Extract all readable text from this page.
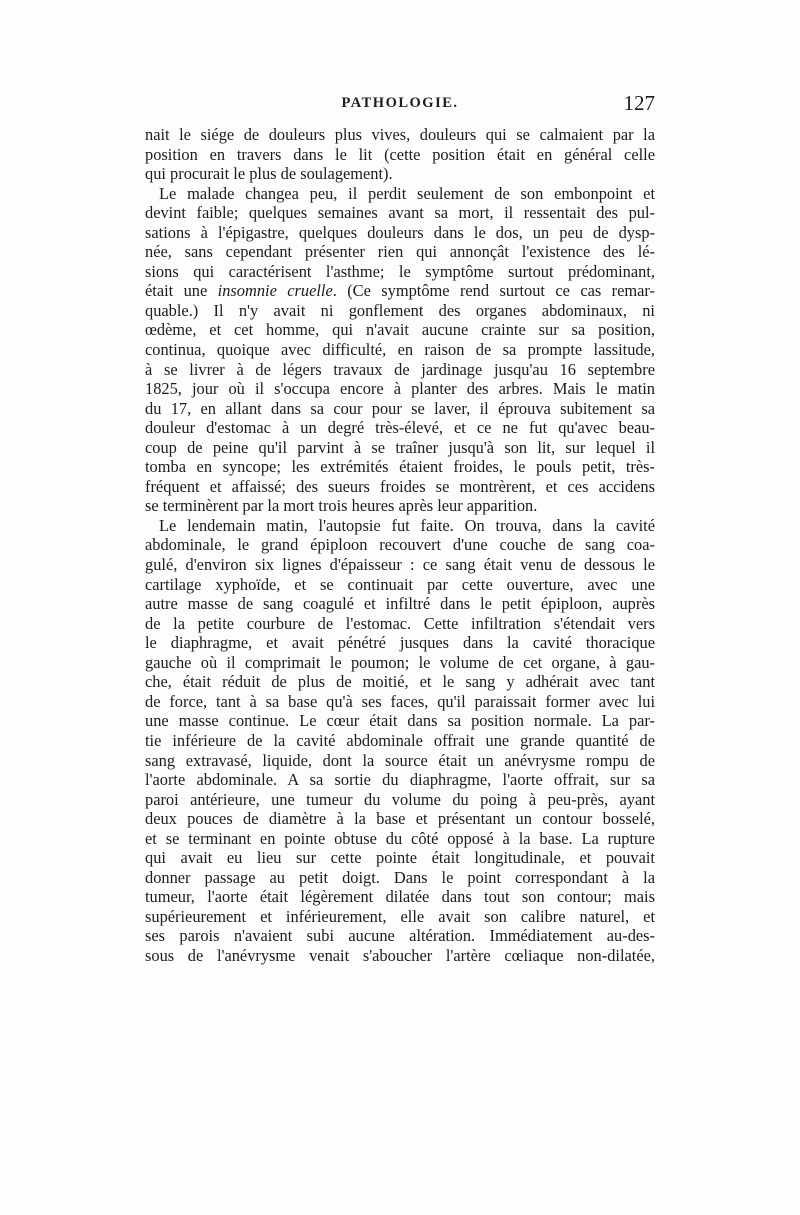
PATHOLOGIE.	127
nait le siége de douleurs plus vives, douleurs qui se calmaient par la
position en travers dans le lit (cette position était en général celle
qui procurait le plus de soulagement).
Le malade changea peu, il perdit seulement de son embonpoint et
devint faible; quelques semaines avant sa mort, il ressentait des pul-
sations à l'épigastre, quelques douleurs dans le dos, un peu de dysp-
née, sans cependant présenter rien qui annonçât l'existence des lé-
sions qui caractérisent l'asthme; le symptôme surtout prédominant,
était une insomnie cruelle. (Ce symptôme rend surtout ce cas remar-
quable.) Il n'y avait ni gonflement des organes abdominaux, ni
œdème, et cet homme, qui n'avait aucune crainte sur sa position,
continua, quoique avec difficulté, en raison de sa prompte lassitude,
à se livrer à de légers travaux de jardinage jusqu'au 16 septembre
1825, jour où il s'occupa encore à planter des arbres. Mais le matin
du 17, en allant dans sa cour pour se laver, il éprouva subitement sa
douleur d'estomac à un degré très-élevé, et ce ne fut qu'avec beau-
coup de peine qu'il parvint à se traîner jusqu'à son lit, sur lequel il
tomba en syncope; les extrémités étaient froides, le pouls petit, très-
fréquent et affaissé; des sueurs froides se montrèrent, et ces accidens
se terminèrent par la mort trois heures après leur apparition.
Le lendemain matin, l'autopsie fut faite. On trouva, dans la cavité
abdominale, le grand épiploon recouvert d'une couche de sang coa-
gulé, d'environ six lignes d'épaisseur : ce sang était venu de dessous le
cartilage xyphoïde, et se continuait par cette ouverture, avec une
autre masse de sang coagulé et infiltré dans le petit épiploon, auprès
de la petite courbure de l'estomac. Cette infiltration s'étendait vers
le diaphragme, et avait pénétré jusques dans la cavité thoracique
gauche où il comprimait le poumon; le volume de cet organe, à gau-
che, était réduit de plus de moitié, et le sang y adhérait avec tant
de force, tant à sa base qu'à ses faces, qu'il paraissait former avec lui
une masse continue. Le cœur était dans sa position normale. La par-
tie inférieure de la cavité abdominale offrait une grande quantité de
sang extravasé, liquide, dont la source était un anévrysme rompu de
l'aorte abdominale. A sa sortie du diaphragme, l'aorte offrait, sur sa
paroi antérieure, une tumeur du volume du poing à peu-près, ayant
deux pouces de diamètre à la base et présentant un contour bosselé,
et se terminant en pointe obtuse du côté opposé à la base. La rupture
qui avait eu lieu sur cette pointe était longitudinale, et pouvait
donner passage au petit doigt. Dans le point correspondant à la
tumeur, l'aorte était légèrement dilatée dans tout son contour; mais
supérieurement et inférieurement, elle avait son calibre naturel, et
ses parois n'avaient subi aucune altération. Immédiatement au-des-
sous de l'anévrysme venait s'aboucher l'artère cœliaque non-dilatée,
